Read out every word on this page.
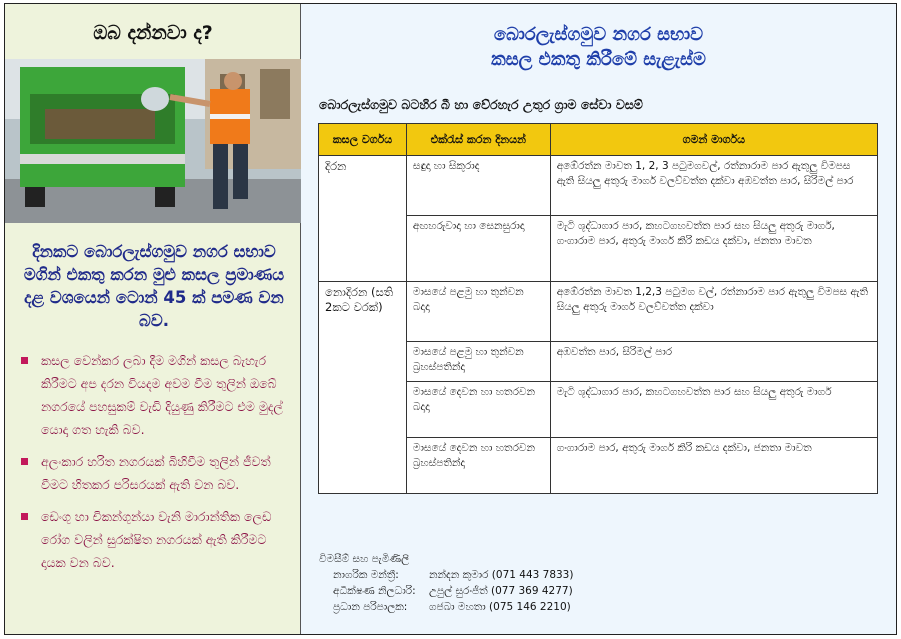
ඔබ දන්නවා ද?
දිනකට බොරලැස්ගමුව නගර සභාව මගින් එකතු කරන මුළු කසල ප්‍රමාණය දළ වශයෙන් ටොන් 45 ක් පමණ වන බව.
කසල වෙන්කර ලබා දීම මගින් කසල බැහැර කිරීමට අප දරන වියදම අවම වීම තුලින් ඔබේ නගරයේ පහසුකම් වැඩි දියුණු කිරීමට එම මුදල් යොදා ගත හැකි බව.
අලංකාර හරිත නගරයක් බිහිවීම තුලින් ජීවත් වීමට හිතකර පරිසරයක් ඇති වන බව.
ඩෙංගු හා චිකන්ගුන්යා වැනි මාරාන්තික ලෙඩ රෝග වලින් සුරක්ෂිත නගරයක් ඇති කිරීමට දායක වන බව.
බොරලැස්ගමුව නගර සභාව
කසල එකතු කිරීමේ සැළැස්ම
බොරලැස්ගමුව බටහිර බී හා වේරහැර උතුර ග්‍රාම සේවා වසම්
කසල වර්ගය	එක්රැස් කරන දිනයන්	ගමන් මාර්ගය
දිරන	සඳුදා හා සිකුරාද	අඹේරත්න මාවත 1, 2, 3 පටුමගවල්, රත්නාරාම පාර ඇතුලු විමපස ඇති සියලු අතුරු මාර්ග වලව්වත්ත දක්වා අඹවත්ත පාර, සිරිමල් පාර
	අඟහරුවාදා හා සෙනසුරාදා	මැටි ශුද්ධාගාර පාර, කහටගහවත්ත පාර සහ සියලු අතුරු මාර්ග, ගංගාරාම පාර, අතුරු මාර්ග කිරි කඩය දක්වා, ජනතා මාවත
නොදිරන (සති 2කට වරක්)	මාසයේ පළමු හා තුන්වන බදාදා	අඹේරත්න මාවත 1,2,3 පටුමග වල්, රත්නාරාම පාර ඇතුලු විමපස ඇති සියලු අතුරු මාර්ග වලව්වත්ත දක්වා
	මාසයේ පළමු හා තුන්වන බ්‍රහස්පතින්දා	අඹවත්ත පාර, සිරිමල් පාර
	මාසයේ දෙවන හා හතරවන බදාදා	මැටි ශුද්ධාගාර පාර, කහටගහවත්ත පාර සහ සියලු අතුරු මාර්ග
	මාසයේ දෙවන හා හතරවන බ්‍රහස්පතින්දා	ගංගාරාම පාර, අතුරු මාර්ග කිරි කඩය දක්වා, ජනතා මාවත
විමසීම් සහ පැමිණිලි
නාගරික මන්ත්‍රී:	නන්දන කුමාර (071 443 7833)
අධීක්ෂණ නිලධාරි:	උපුල් සුරංජිත් (077 369 4277)
ප්‍රධාන පරිපාලක:	ගජබා මහතා (075 146 2210)
